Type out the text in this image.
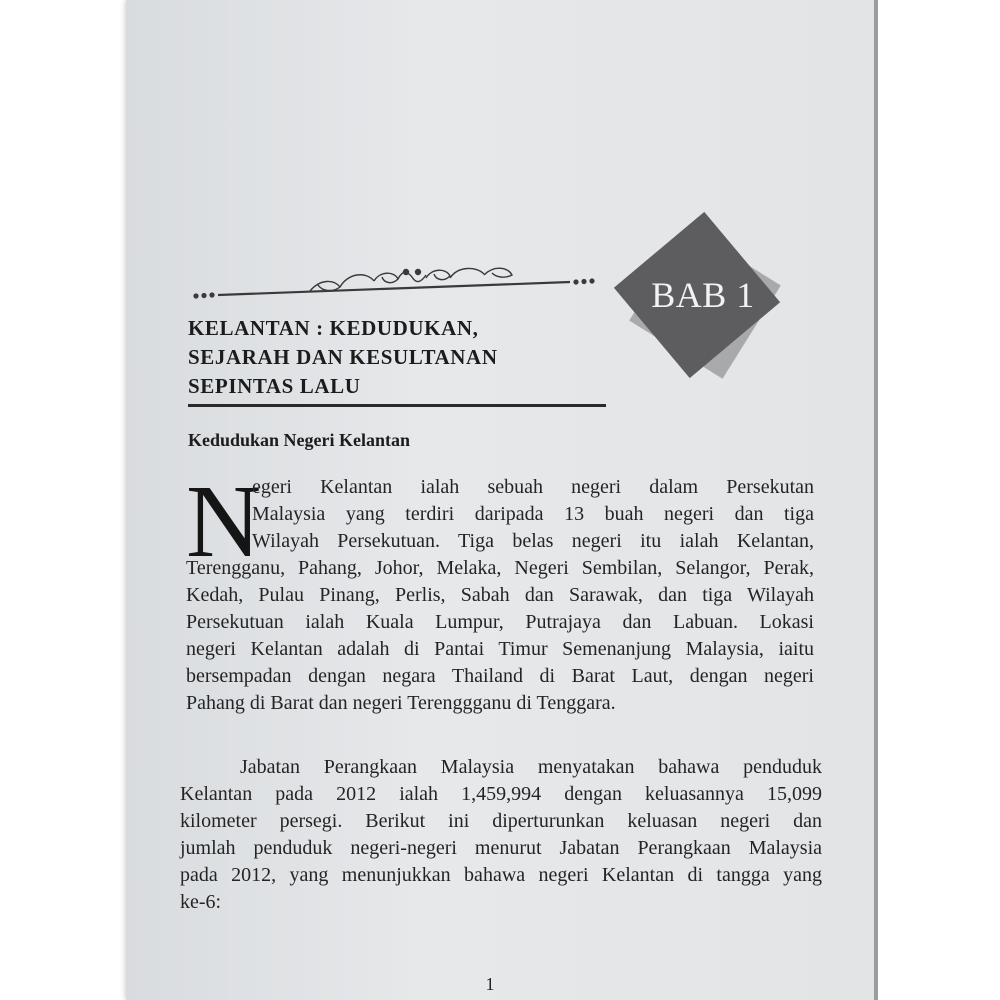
BAB 1
KELANTAN : KEDUDUKAN,
SEJARAH DAN KESULTANAN
SEPINTAS LALU
Kedudukan Negeri Kelantan
N
egeri Kelantan ialah sebuah negeri dalam Persekutan
Malaysia yang terdiri daripada 13 buah negeri dan tiga
Wilayah Persekutuan. Tiga belas negeri itu ialah Kelantan,
Terengganu, Pahang, Johor, Melaka, Negeri Sembilan, Selangor, Perak,
Kedah, Pulau Pinang, Perlis, Sabah dan Sarawak, dan tiga Wilayah
Persekutuan ialah Kuala Lumpur, Putrajaya dan Labuan. Lokasi
negeri Kelantan adalah di Pantai Timur Semenanjung Malaysia, iaitu
bersempadan dengan negara Thailand di Barat Laut, dengan negeri
Pahang di Barat dan negeri Terenggganu di Tenggara.
Jabatan Perangkaan Malaysia menyatakan bahawa penduduk
Kelantan pada 2012 ialah 1,459,994 dengan keluasannya 15,099
kilometer persegi. Berikut ini diperturunkan keluasan negeri dan
jumlah penduduk negeri-negeri menurut Jabatan Perangkaan Malaysia
pada 2012, yang menunjukkan bahawa negeri Kelantan di tangga yang
ke-6:
1
